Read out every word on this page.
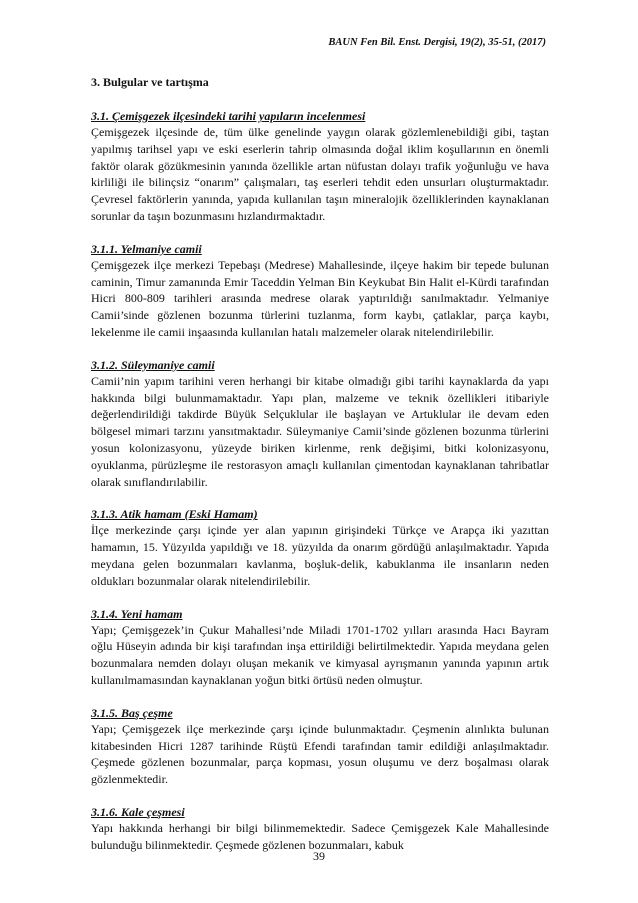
BAUN Fen Bil. Enst. Dergisi, 19(2), 35-51, (2017)
3. Bulgular ve tartışma
3.1. Çemişgezek ilçesindeki tarihi yapıların incelenmesi
Çemişgezek ilçesinde de, tüm ülke genelinde yaygın olarak gözlemlenebildiği gibi, taştan yapılmış tarihsel yapı ve eski eserlerin tahrip olmasında doğal iklim koşullarının en önemli faktör olarak gözükmesinin yanında özellikle artan nüfustan dolayı trafik yoğunluğu ve hava kirliliği ile bilinçsiz “onarım” çalışmaları, taş eserleri tehdit eden unsurları oluşturmaktadır. Çevresel faktörlerin yanında, yapıda kullanılan taşın mineralojik özelliklerinden kaynaklanan sorunlar da taşın bozunmasını hızlandırmaktadır.
3.1.1. Yelmaniye camii
Çemişgezek ilçe merkezi Tepebaşı (Medrese) Mahallesinde, ilçeye hakim bir tepede bulunan caminin, Timur zamanında Emir Taceddin Yelman Bin Keykubat Bin Halit el-Kürdi tarafından Hicri 800-809 tarihleri arasında medrese olarak yaptırıldığı sanılmaktadır. Yelmaniye Camii’sinde gözlenen bozunma türlerini tuzlanma, form kaybı, çatlaklar, parça kaybı, lekelenme ile camii inşaasında kullanılan hatalı malzemeler olarak nitelendirilebilir.
3.1.2. Süleymaniye camii
Camii’nin yapım tarihini veren herhangi bir kitabe olmadığı gibi tarihi kaynaklarda da yapı hakkında bilgi bulunmamaktadır. Yapı plan, malzeme ve teknik özellikleri itibariyle değerlendirildiği takdirde Büyük Selçuklular ile başlayan ve Artuklular ile devam eden bölgesel mimari tarzını yansıtmaktadır. Süleymaniye Camii’sinde gözlenen bozunma türlerini yosun kolonizasyonu, yüzeyde biriken kirlenme, renk değişimi, bitki kolonizasyonu, oyuklanma, pürüzleşme ile restorasyon amaçlı kullanılan çimentodan kaynaklanan tahribatlar olarak sınıflandırılabilir.
3.1.3. Atik hamam (Eski Hamam)
İlçe merkezinde çarşı içinde yer alan yapının girişindeki Türkçe ve Arapça iki yazıttan hamamın, 15. Yüzyılda yapıldığı ve 18. yüzyılda da onarım gördüğü anlaşılmaktadır. Yapıda meydana gelen bozunmaları kavlanma, boşluk-delik, kabuklanma ile insanların neden oldukları bozunmalar olarak nitelendirilebilir.
3.1.4. Yeni hamam
Yapı; Çemişgezek’in Çukur Mahallesi’nde Miladi 1701-1702 yılları arasında Hacı Bayram oğlu Hüseyin adında bir kişi tarafından inşa ettirildiği belirtilmektedir. Yapıda meydana gelen bozunmalara nemden dolayı oluşan mekanik ve kimyasal ayrışmanın yanında yapının artık kullanılmamasından kaynaklanan yoğun bitki örtüsü neden olmuştur.
3.1.5. Baş çeşme
Yapı; Çemişgezek ilçe merkezinde çarşı içinde bulunmaktadır. Çeşmenin alınlıkta bulunan kitabesinden Hicri 1287 tarihinde Rüştü Efendi tarafından tamir edildiği anlaşılmaktadır. Çeşmede gözlenen bozunmalar, parça kopması, yosun oluşumu ve derz boşalması olarak gözlenmektedir.
3.1.6. Kale çeşmesi
Yapı hakkında herhangi bir bilgi bilinmemektedir. Sadece Çemişgezek Kale Mahallesinde bulunduğu bilinmektedir. Çeşmede gözlenen bozunmaları, kabuk
39
